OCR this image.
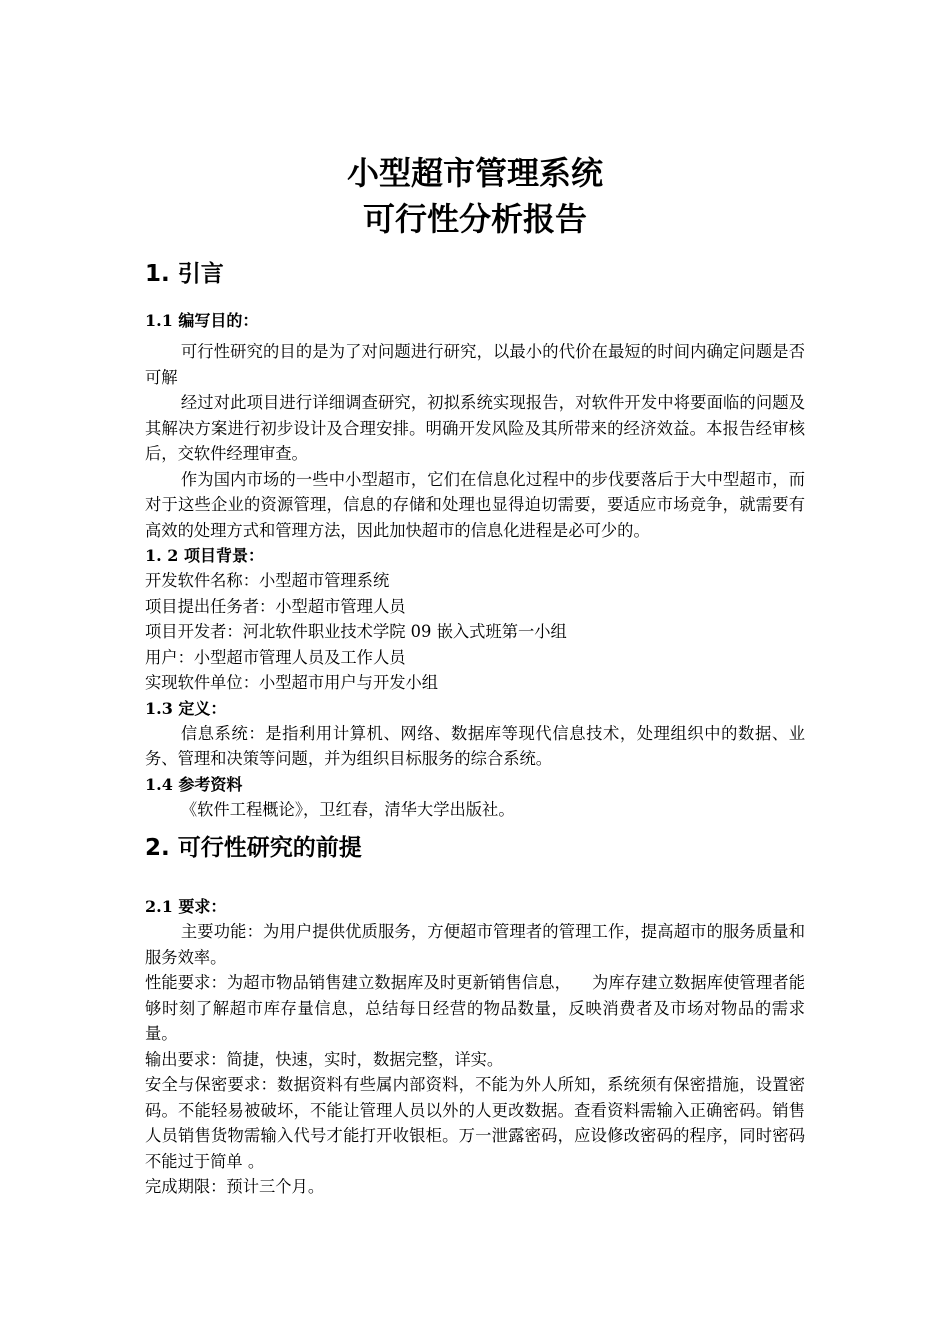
小型超市管理系统
可行性分析报告
1. 引言
1.1 编写目的：

可行性研究的目的是为了对问题进行研究，以最小的代价在最短的时间内确定问题是否可解

经过对此项目进行详细调查研究，初拟系统实现报告，对软件开发中将要面临的问题及其解决方案进行初步设计及合理安排。明确开发风险及其所带来的经济效益。本报告经审核后，交软件经理审查。

作为国内市场的一些中小型超市，它们在信息化过程中的步伐要落后于大中型超市，而对于这些企业的资源管理，信息的存储和处理也显得迫切需要，要适应市场竞争，就需要有高效的处理方式和管理方法，因此加快超市的信息化进程是必可少的。

1. 2 项目背景：

开发软件名称：小型超市管理系统

项目提出任务者：小型超市管理人员

项目开发者：河北软件职业技术学院 09 嵌入式班第一小组

用户：小型超市管理人员及工作人员

实现软件单位：小型超市用户与开发小组

1.3 定义：

信息系统：是指利用计算机、网络、数据库等现代信息技术，处理组织中的数据、业务、管理和决策等问题，并为组织目标服务的综合系统。

1.4 参考资料

《软件工程概论》，卫红春，清华大学出版社。

2. 可行性研究的前提
2.1 要求：

主要功能：为用户提供优质服务，方便超市管理者的管理工作，提高超市的服务质量和服务效率。

性能要求：为超市物品销售建立数据库及时更新销售信息，    为库存建立数据库使管理者能够时刻了解超市库存量信息，总结每日经营的物品数量，反映消费者及市场对物品的需求量。

输出要求：简捷，快速，实时，数据完整，详实。

安全与保密要求：数据资料有些属内部资料，不能为外人所知，系统须有保密措施，设置密码。不能轻易被破坏，不能让管理人员以外的人更改数据。查看资料需输入正确密码。销售人员销售货物需输入代号才能打开收银柜。万一泄露密码，应设修改密码的程序，同时密码不能过于简单 。

完成期限：预计三个月。
